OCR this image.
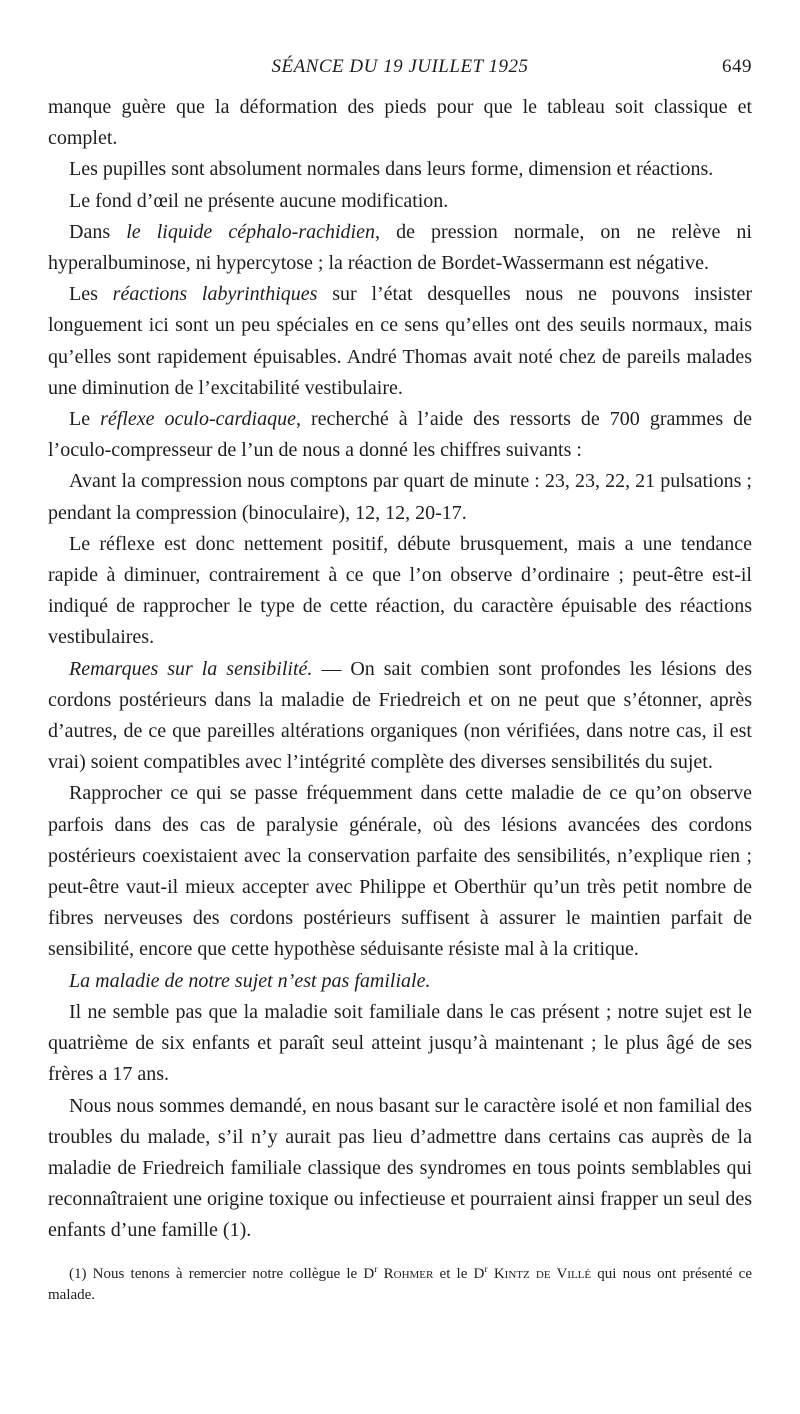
SÉANCE DU 19 JUILLET 1925	649

manque guère que la déformation des pieds pour que le tableau soit classique et complet.

Les pupilles sont absolument normales dans leurs forme, dimension et réactions.

Le fond d’œil ne présente aucune modification.

Dans le liquide céphalo-rachidien, de pression normale, on ne relève ni hyperalbuminose, ni hypercytose ; la réaction de Bordet-Wassermann est négative.

Les réactions labyrinthiques sur l’état desquelles nous ne pouvons insister longuement ici sont un peu spéciales en ce sens qu’elles ont des seuils normaux, mais qu’elles sont rapidement épuisables. André Thomas avait noté chez de pareils malades une diminution de l’excitabilité vestibulaire.

Le réflexe oculo-cardiaque, recherché à l’aide des ressorts de 700 grammes de l’oculo-compresseur de l’un de nous a donné les chiffres suivants :

Avant la compression nous comptons par quart de minute : 23, 23, 22, 21 pulsations ; pendant la compression (binoculaire), 12, 12, 20-17.

Le réflexe est donc nettement positif, débute brusquement, mais a une tendance rapide à diminuer, contrairement à ce que l’on observe d’ordinaire ; peut-être est-il indiqué de rapprocher le type de cette réaction, du caractère épuisable des réactions vestibulaires.

Remarques sur la sensibilité. — On sait combien sont profondes les lésions des cordons postérieurs dans la maladie de Friedreich et on ne peut que s’étonner, après d’autres, de ce que pareilles altérations organiques (non vérifiées, dans notre cas, il est vrai) soient compatibles avec l’intégrité complète des diverses sensibilités du sujet.

Rapprocher ce qui se passe fréquemment dans cette maladie de ce qu’on observe parfois dans des cas de paralysie générale, où des lésions avancées des cordons postérieurs coexistaient avec la conservation parfaite des sensibilités, n’explique rien ; peut-être vaut-il mieux accepter avec Philippe et Oberthür qu’un très petit nombre de fibres nerveuses des cordons postérieurs suffisent à assurer le maintien parfait de sensibilité, encore que cette hypothèse séduisante résiste mal à la critique.

La maladie de notre sujet n’est pas familiale.

Il ne semble pas que la maladie soit familiale dans le cas présent ; notre sujet est le quatrième de six enfants et paraît seul atteint jusqu’à maintenant ; le plus âgé de ses frères a 17 ans.

Nous nous sommes demandé, en nous basant sur le caractère isolé et non familial des troubles du malade, s’il n’y aurait pas lieu d’admettre dans certains cas auprès de la maladie de Friedreich familiale classique des syndromes en tous points semblables qui reconnaîtraient une origine toxique ou infectieuse et pourraient ainsi frapper un seul des enfants d’une famille (1).

(1) Nous tenons à remercier notre collègue le $D^r$ Rohmer et le $D^r$ Kintz de Villé qui nous ont présenté ce malade.
